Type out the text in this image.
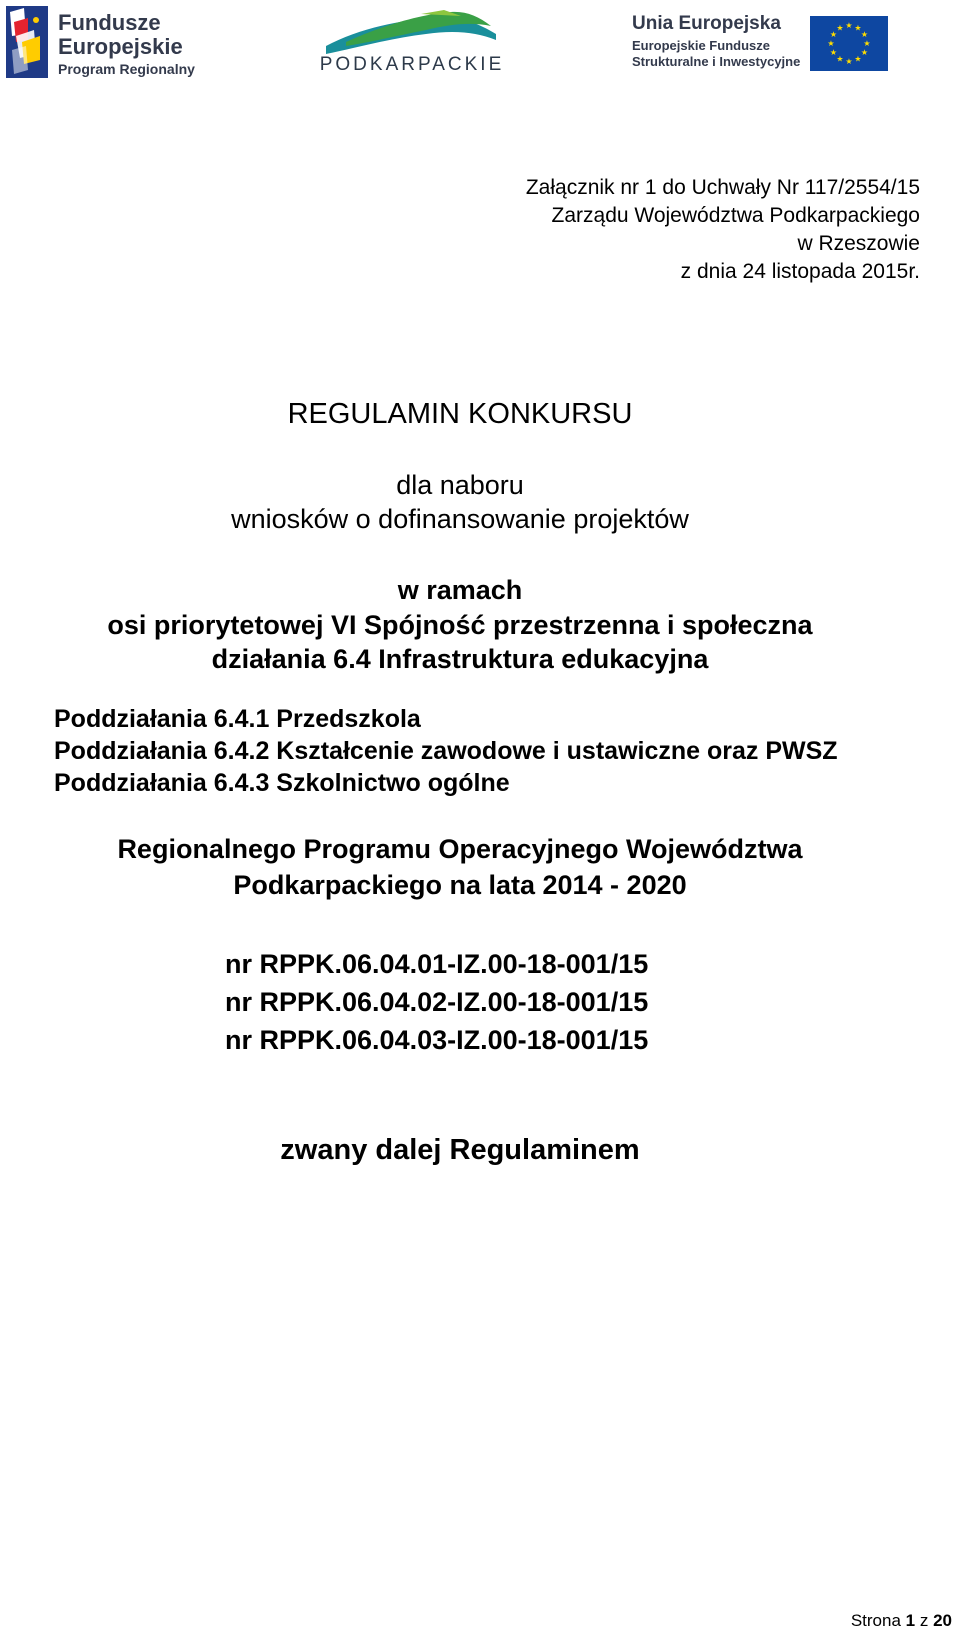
Fundusze
Europejskie
Program Regionalny	PODKARPACKIE
Unia Europejska
Europejskie Fundusze
Strukturalne i Inwestycyjne
★ ★
★
★
★
★
★
★
★
★
★
★
Załącznik nr 1 do Uchwały Nr 117/2554/15
Zarządu Województwa Podkarpackiego
w Rzeszowie
z dnia 24 listopada 2015r.
REGULAMIN KONKURSU
dla naboru
wniosków o dofinansowanie projektów
w ramach
osi priorytetowej VI Spójność przestrzenna i społeczna
działania 6.4 Infrastruktura edukacyjna
Poddziałania 6.4.1 Przedszkola
Poddziałania 6.4.2 Kształcenie zawodowe i ustawiczne oraz PWSZ
Poddziałania 6.4.3 Szkolnictwo ogólne
Regionalnego Programu Operacyjnego Województwa
Podkarpackiego na lata 2014 - 2020
nr RPPK.06.04.01-IZ.00-18-001/15
nr RPPK.06.04.02-IZ.00-18-001/15
nr RPPK.06.04.03-IZ.00-18-001/15
zwany dalej Regulaminem
Strona 1 z 20
